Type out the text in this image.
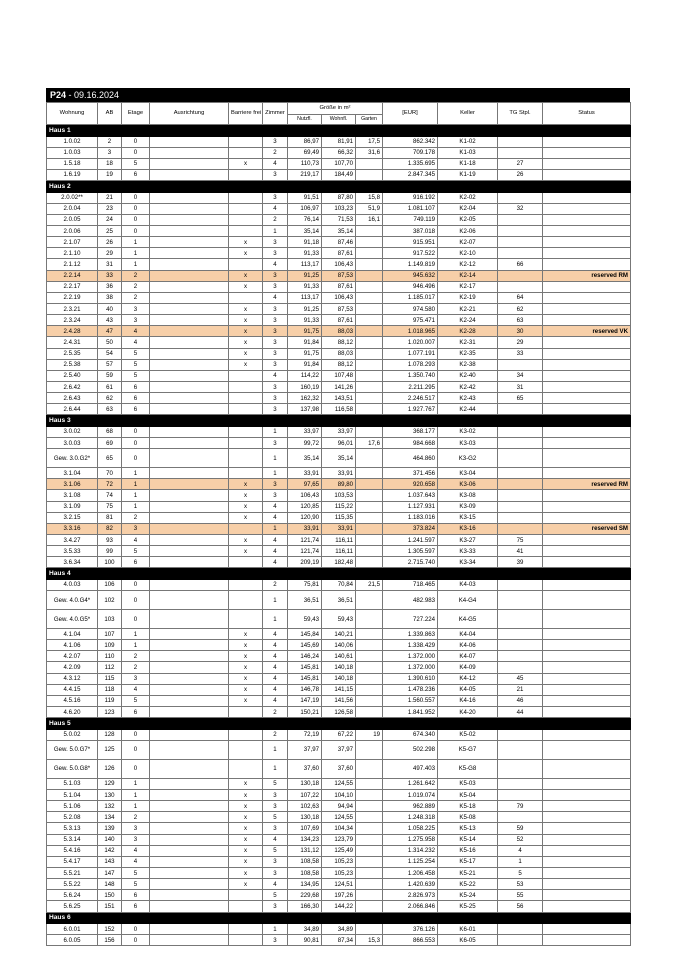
P24 - 09.16.2024
Wohnung	AB	Etage	Ausrichtung	Barriere frei	Zimmer	Größe in m²			[EUR]	Keller	TG Stpl.	Status
						Nutzfl.	Wohnfl.	Garten				
Haus 1												
1.0.02	2	0			3	86,97	81,91	17,5	862.342	K1-02		
1.0.03	3	0			2	69,49	66,32	31,6	709.178	K1-03		
1.5.18	18	5		x	4	110,73	107,70		1.335.695	K1-18	27	
1.6.19	19	6			3	219,17	184,49		2.847.345	K1-19	26	
Haus 2												
2.0.02**	21	0			3	91,51	87,80	15,8	916.192	K2-02		
2.0.04	23	0			4	106,97	103,23	51,9	1.081.107	K2-04	32	
2.0.05	24	0			2	76,14	71,53	16,1	749.119	K2-05		
2.0.06	25	0			1	35,14	35,14		387.018	K2-06		
2.1.07	26	1		x	3	91,18	87,46		915.951	K2-07		
2.1.10	29	1		x	3	91,33	87,61		917.522	K2-10		
2.1.12	31	1			4	113,17	106,43		1.149.819	K2-12	66	
2.2.14	33	2		x	3	91,25	87,53		945.632	K2-14		reserved RM
2.2.17	36	2		x	3	91,33	87,61		946.496	K2-17		
2.2.19	38	2			4	113,17	106,43		1.185.017	K2-19	64	
2.3.21	40	3		x	3	91,25	87,53		974.580	K2-21	62	
2.3.24	43	3		x	3	91,33	87,61		975.471	K2-24	63	
2.4.28	47	4		x	3	91,75	88,03		1.018.965	K2-28	30	reserved VK
2.4.31	50	4		x	3	91,84	88,12		1.020.007	K2-31	29	
2.5.35	54	5		x	3	91,75	88,03		1.077.191	K2-35	33	
2.5.38	57	5		x	3	91,84	88,12		1.078.293	K2-38		
2.5.40	59	5			4	114,22	107,48		1.350.740	K2-40	34	
2.6.42	61	6			3	160,19	141,26		2.211.295	K2-42	31	
2.6.43	62	6			3	162,32	143,51		2.246.517	K2-43	65	
2.6.44	63	6			3	137,98	116,58		1.927.767	K2-44		
Haus 3												
3.0.02	68	0			1	33,97	33,97		368.177	K3-02		
3.0.03	69	0			3	99,72	96,01	17,6	984.668	K3-03		
Gew. 3.0.G2*	65	0			1	35,14	35,14		464.860	K3-G2		
3.1.04	70	1			1	33,91	33,91		371.456	K3-04		
3.1.06	72	1		x	3	97,65	89,80		920.658	K3-06		reserved RM
3.1.08	74	1		x	3	106,43	103,53		1.037.643	K3-08		
3.1.09	75	1		x	4	120,85	115,22		1.127.931	K3-09		
3.2.15	81	2		x	4	120,90	115,35		1.183.016	K3-15		
3.3.16	82	3			1	33,91	33,91		373.824	K3-16		reserved SM
3.4.27	93	4		x	4	121,74	116,11		1.241.597	K3-27	75	
3.5.33	99	5		x	4	121,74	116,11		1.305.597	K3-33	41	
3.6.34	100	6			4	209,19	182,48		2.715.740	K3-34	39	
Haus 4												
4.0.03	106	0			2	75,81	70,84	21,5	718.465	K4-03		
Gew. 4.0.G4*	102	0			1	36,51	36,51		482.983	K4-G4		
Gew. 4.0.G5*	103	0			1	59,43	59,43		727.224	K4-G5		
4.1.04	107	1		x	4	145,84	140,21		1.339.863	K4-04		
4.1.06	109	1		x	4	145,69	140,06		1.338.429	K4-06		
4.2.07	110	2		x	4	146,24	140,61		1.372.000	K4-07		
4.2.09	112	2		x	4	145,81	140,18		1.372.000	K4-09		
4.3.12	115	3		x	4	145,81	140,18		1.390.610	K4-12	45	
4.4.15	118	4		x	4	146,78	141,15		1.478.236	K4-05	21	
4.5.16	119	5		x	4	147,19	141,56		1.560.557	K4-16	46	
4.6.20	123	6			2	150,21	126,58		1.841.952	K4-20	44	
Haus 5												
5.0.02	128	0			2	72,19	67,22	19	674.340	K5-02		
Gew. 5.0.G7*	125	0			1	37,97	37,97		502.298	K5-G7		
Gew. 5.0.G8*	126	0			1	37,60	37,60		497.403	K5-G8		
5.1.03	129	1		x	5	130,18	124,55		1.261.642	K5-03		
5.1.04	130	1		x	3	107,22	104,10		1.019.074	K5-04		
5.1.06	132	1		x	3	102,63	94,94		962.889	K5-18	79	
5.2.08	134	2		x	5	130,18	124,55		1.248.318	K5-08		
5.3.13	139	3		x	3	107,69	104,34		1.058.225	K5-13	59	
5.3.14	140	3		x	4	134,23	123,79		1.275.958	K5-14	52	
5.4.16	142	4		x	5	131,12	125,49		1.314.232	K5-16	4	
5.4.17	143	4		x	3	108,58	105,23		1.125.254	K5-17	1	
5.5.21	147	5		x	3	108,58	105,23		1.206.458	K5-21	5	
5.5.22	148	5		x	4	134,95	124,51		1.420.639	K5-22	53	
5.6.24	150	6			5	229,68	197,26		2.826.973	K5-24	55	
5.6.25	151	6			3	166,30	144,22		2.066.846	K5-25	56	
Haus 6												
6.0.01	152	0			1	34,89	34,89		376.126	K6-01		
6.0.05	156	0			3	90,81	87,34	15,3	866.553	K6-05		
